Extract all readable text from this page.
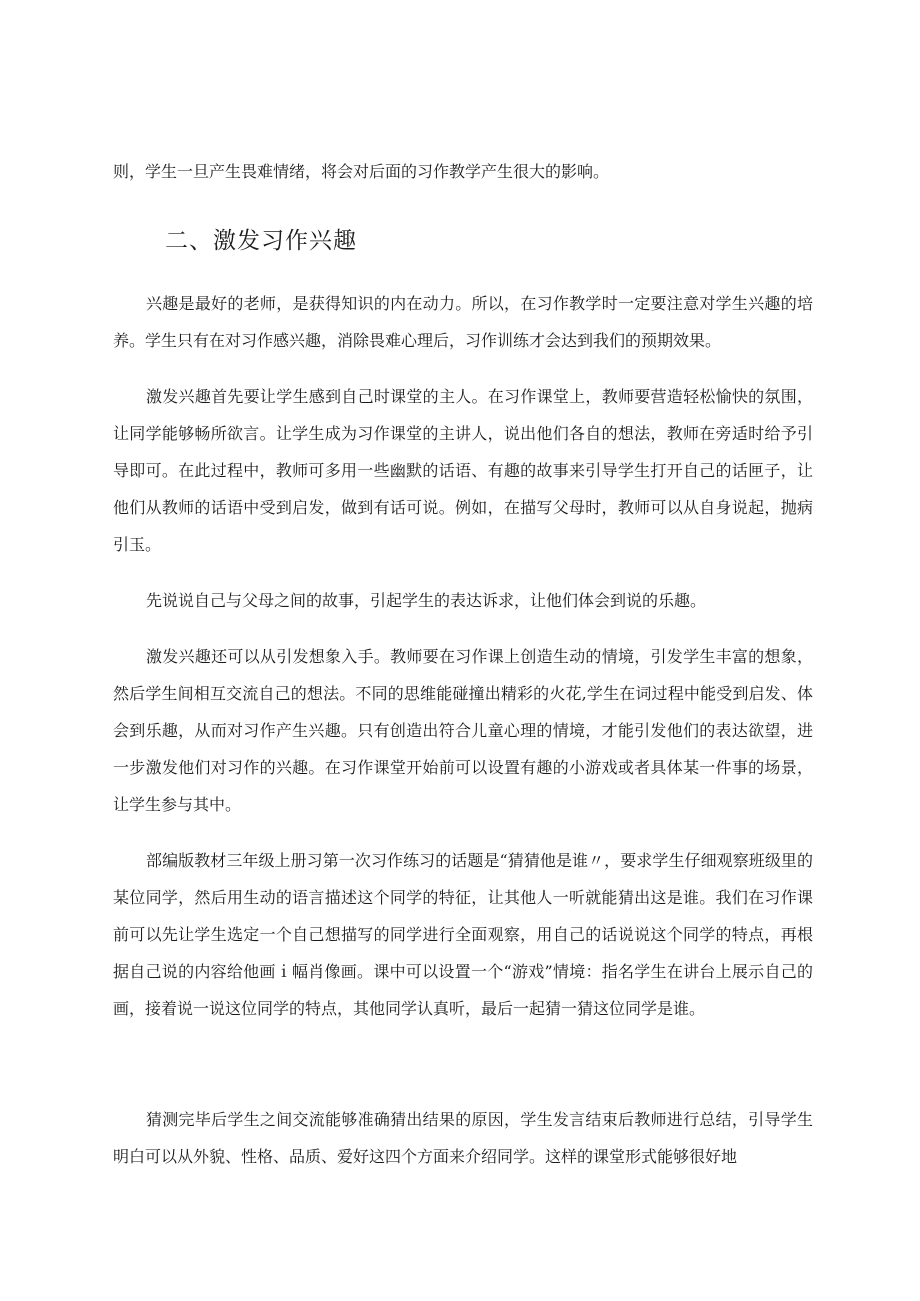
则，学生一旦产生畏难情绪，将会对后面的习作教学产生很大的影响。

二、激发习作兴趣

兴趣是最好的老师，是获得知识的内在动力。所以，在习作教学时一定要注意对学生兴趣的培养。学生只有在对习作感兴趣，消除畏难心理后，习作训练才会达到我们的预期效果。

激发兴趣首先要让学生感到自己时课堂的主人。在习作课堂上，教师要营造轻松愉快的氛围，让同学能够畅所欲言。让学生成为习作课堂的主讲人，说出他们各自的想法，教师在旁适时给予引导即可。在此过程中，教师可多用一些幽默的话语、有趣的故事来引导学生打开自己的话匣子，让他们从教师的话语中受到启发，做到有话可说。例如，在描写父母时，教师可以从自身说起，抛病引玉。

先说说自己与父母之间的故事，引起学生的表达诉求，让他们体会到说的乐趣。

激发兴趣还可以从引发想象入手。教师要在习作课上创造生动的情境，引发学生丰富的想象，然后学生间相互交流自己的想法。不同的思维能碰撞出精彩的火花,学生在词过程中能受到启发、体会到乐趣，从而对习作产生兴趣。只有创造出符合儿童心理的情境，才能引发他们的表达欲望，进一步激发他们对习作的兴趣。在习作课堂开始前可以设置有趣的小游戏或者具体某一件事的场景，让学生参与其中。

部编版教材三年级上册习第一次习作练习的话题是“猜猜他是谁〃，要求学生仔细观察班级里的某位同学，然后用生动的语言描述这个同学的特征，让其他人一听就能猜出这是谁。我们在习作课前可以先让学生选定一个自己想描写的同学进行全面观察，用自己的话说说这个同学的特点，再根据自己说的内容给他画ｉ幅肖像画。课中可以设置一个“游戏”情境：指名学生在讲台上展示自己的画，接着说一说这位同学的特点，其他同学认真听，最后一起猜一猜这位同学是谁。

猜测完毕后学生之间交流能够准确猜出结果的原因，学生发言结束后教师进行总结，引导学生明白可以从外貌、性格、品质、爱好这四个方面来介绍同学。这样的课堂形式能够很好地
